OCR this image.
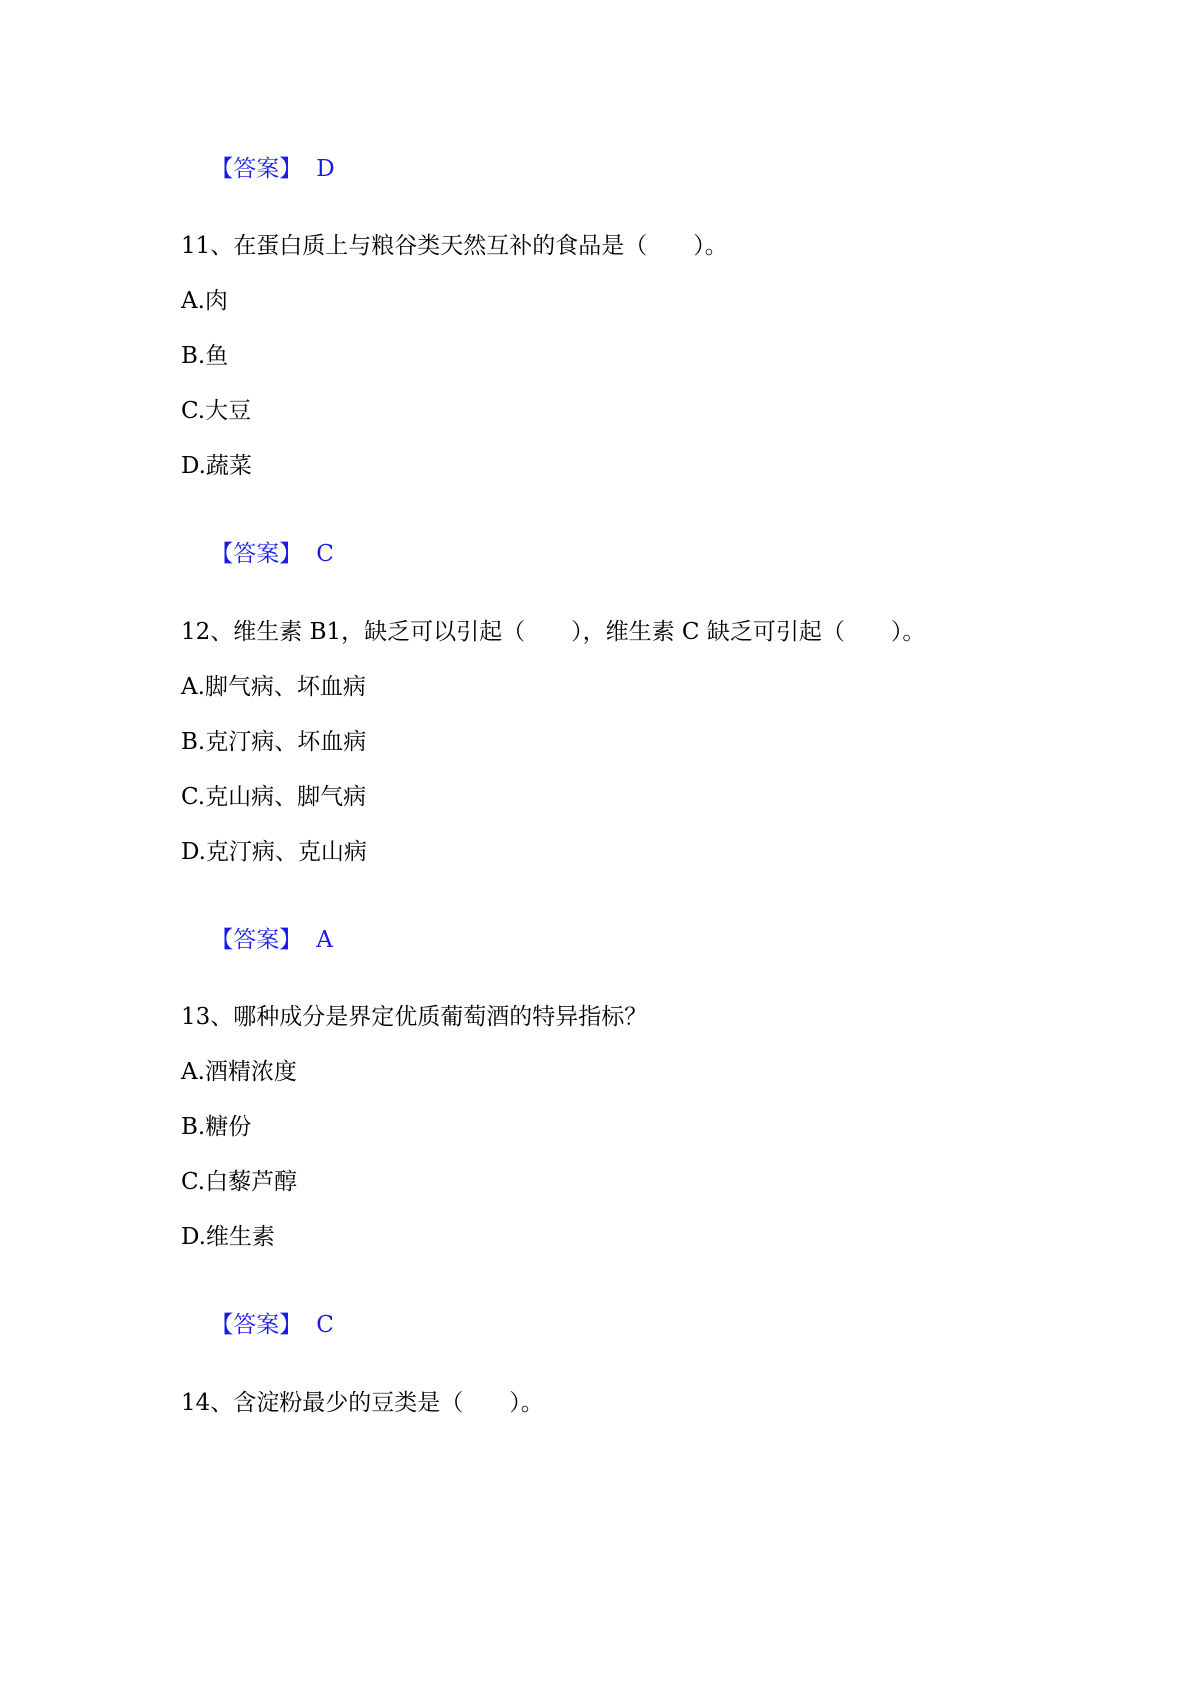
【答案】 D

11、在蛋白质上与粮谷类天然互补的食品是（　　）。
A.肉
B.鱼
C.大豆
D.蔬菜

【答案】 C

12、维生素 B1，缺乏可以引起（　　），维生素 C 缺乏可引起（　　）。
A.脚气病、坏血病
B.克汀病、坏血病
C.克山病、脚气病
D.克汀病、克山病

【答案】 A

13、哪种成分是界定优质葡萄酒的特异指标？
A.酒精浓度
B.糖份
C.白藜芦醇
D.维生素

【答案】 C

14、含淀粉最少的豆类是（　　）。
